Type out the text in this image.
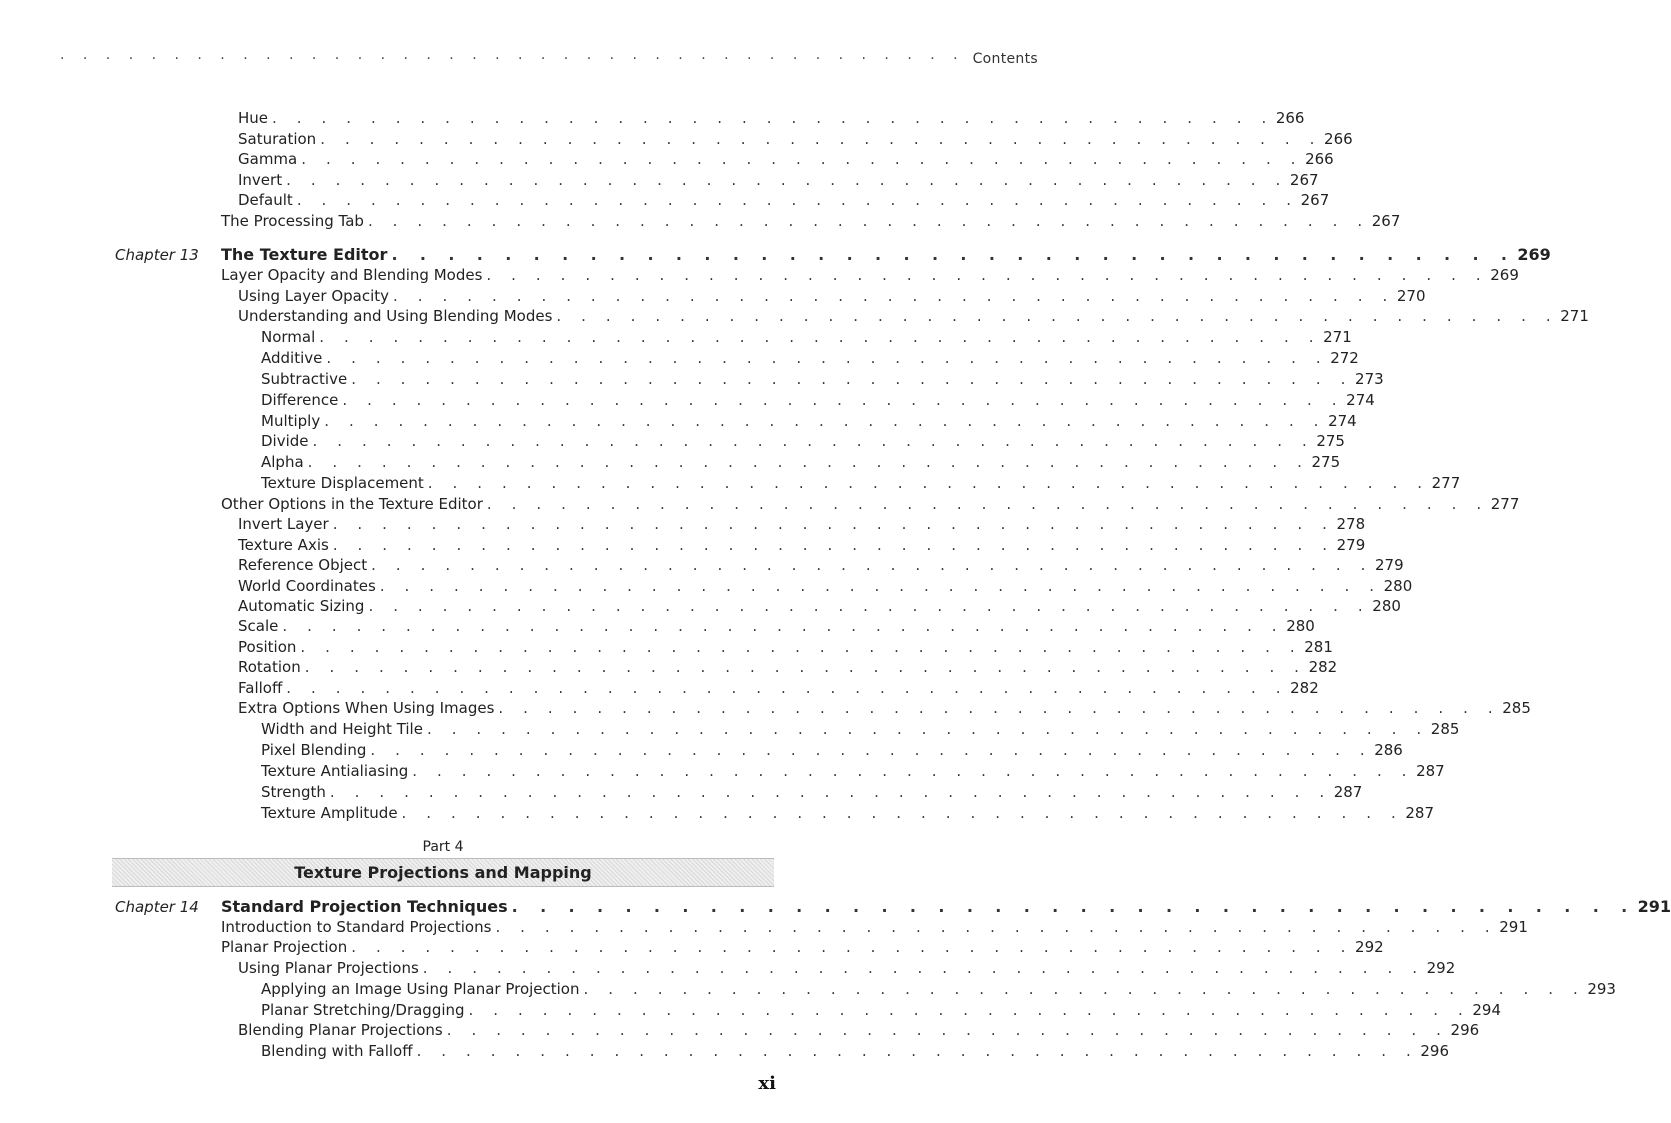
· · · · · · · · · · · · · · · · · · · · · · · · · · · · · · · · · · · · · · · · Contents
Chapter 13
Chapter 14
Hue . . . . . . . . . . . . . . . . . . . . . . . . . . . . . . . . . . . . . . . . . 266
Saturation . . . . . . . . . . . . . . . . . . . . . . . . . . . . . . . . . . . . . . . . . 266
Gamma . . . . . . . . . . . . . . . . . . . . . . . . . . . . . . . . . . . . . . . . . 266
Invert . . . . . . . . . . . . . . . . . . . . . . . . . . . . . . . . . . . . . . . . . 267
Default . . . . . . . . . . . . . . . . . . . . . . . . . . . . . . . . . . . . . . . . . 267
The Processing Tab . . . . . . . . . . . . . . . . . . . . . . . . . . . . . . . . . . . . . . . . . 267
The Texture Editor . . . . . . . . . . . . . . . . . . . . . . . . . . . . . . . . . . . . . . . . 269
Layer Opacity and Blending Modes . . . . . . . . . . . . . . . . . . . . . . . . . . . . . . . . . . . . . . . . . 269
Using Layer Opacity . . . . . . . . . . . . . . . . . . . . . . . . . . . . . . . . . . . . . . . . . 270
Understanding and Using Blending Modes . . . . . . . . . . . . . . . . . . . . . . . . . . . . . . . . . . . . . . . . . 271
Normal . . . . . . . . . . . . . . . . . . . . . . . . . . . . . . . . . . . . . . . . . 271
Additive . . . . . . . . . . . . . . . . . . . . . . . . . . . . . . . . . . . . . . . . . 272
Subtractive . . . . . . . . . . . . . . . . . . . . . . . . . . . . . . . . . . . . . . . . . 273
Difference . . . . . . . . . . . . . . . . . . . . . . . . . . . . . . . . . . . . . . . . . 274
Multiply . . . . . . . . . . . . . . . . . . . . . . . . . . . . . . . . . . . . . . . . . 274
Divide . . . . . . . . . . . . . . . . . . . . . . . . . . . . . . . . . . . . . . . . . 275
Alpha . . . . . . . . . . . . . . . . . . . . . . . . . . . . . . . . . . . . . . . . . 275
Texture Displacement . . . . . . . . . . . . . . . . . . . . . . . . . . . . . . . . . . . . . . . . . 277
Other Options in the Texture Editor . . . . . . . . . . . . . . . . . . . . . . . . . . . . . . . . . . . . . . . . . 277
Invert Layer . . . . . . . . . . . . . . . . . . . . . . . . . . . . . . . . . . . . . . . . . 278
Texture Axis . . . . . . . . . . . . . . . . . . . . . . . . . . . . . . . . . . . . . . . . . 279
Reference Object . . . . . . . . . . . . . . . . . . . . . . . . . . . . . . . . . . . . . . . . . 279
World Coordinates . . . . . . . . . . . . . . . . . . . . . . . . . . . . . . . . . . . . . . . . . 280
Automatic Sizing . . . . . . . . . . . . . . . . . . . . . . . . . . . . . . . . . . . . . . . . . 280
Scale . . . . . . . . . . . . . . . . . . . . . . . . . . . . . . . . . . . . . . . . . 280
Position . . . . . . . . . . . . . . . . . . . . . . . . . . . . . . . . . . . . . . . . . 281
Rotation . . . . . . . . . . . . . . . . . . . . . . . . . . . . . . . . . . . . . . . . . 282
Falloff . . . . . . . . . . . . . . . . . . . . . . . . . . . . . . . . . . . . . . . . . 282
Extra Options When Using Images . . . . . . . . . . . . . . . . . . . . . . . . . . . . . . . . . . . . . . . . . 285
Width and Height Tile . . . . . . . . . . . . . . . . . . . . . . . . . . . . . . . . . . . . . . . . . 285
Pixel Blending . . . . . . . . . . . . . . . . . . . . . . . . . . . . . . . . . . . . . . . . . 286
Texture Antialiasing . . . . . . . . . . . . . . . . . . . . . . . . . . . . . . . . . . . . . . . . . 287
Strength . . . . . . . . . . . . . . . . . . . . . . . . . . . . . . . . . . . . . . . . . 287
Texture Amplitude . . . . . . . . . . . . . . . . . . . . . . . . . . . . . . . . . . . . . . . . . 287
Standard Projection Techniques . . . . . . . . . . . . . . . . . . . . . . . . . . . . . . . . . . . . . . . . 291
Introduction to Standard Projections . . . . . . . . . . . . . . . . . . . . . . . . . . . . . . . . . . . . . . . . . 291
Planar Projection . . . . . . . . . . . . . . . . . . . . . . . . . . . . . . . . . . . . . . . . . 292
Using Planar Projections . . . . . . . . . . . . . . . . . . . . . . . . . . . . . . . . . . . . . . . . . 292
Applying an Image Using Planar Projection . . . . . . . . . . . . . . . . . . . . . . . . . . . . . . . . . . . . . . . . . 293
Planar Stretching/Dragging . . . . . . . . . . . . . . . . . . . . . . . . . . . . . . . . . . . . . . . . . 294
Blending Planar Projections . . . . . . . . . . . . . . . . . . . . . . . . . . . . . . . . . . . . . . . . . 296
Blending with Falloff . . . . . . . . . . . . . . . . . . . . . . . . . . . . . . . . . . . . . . . . . 296
Part 4
Texture Projections and Mapping
xi
